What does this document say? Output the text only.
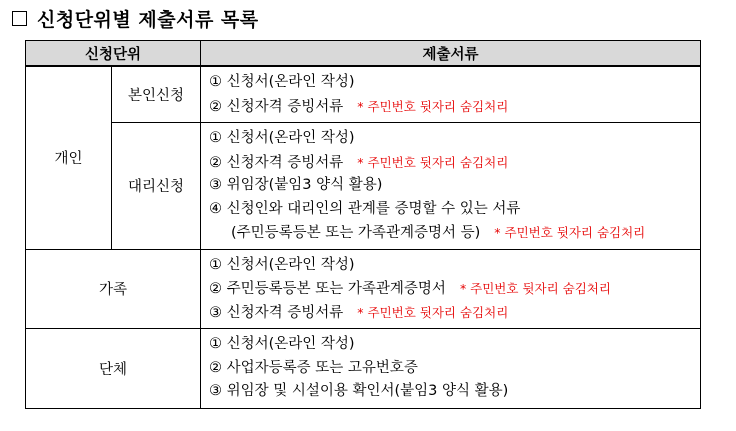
신청단위별 제출서류 목록
신청단위		제출서류
개인	본인신청	① 신청서(온라인 작성)
② 신청자격 증빙서류 * 주민번호 뒷자리 숨김처리

	대리신청	① 신청서(온라인 작성)
② 신청자격 증빙서류 * 주민번호 뒷자리 숨김처리
③ 위임장(붙임3 양식 활용)
④ 신청인와 대리인의 관계를 증명할 수 있는 서류
(주민등록등본 또는 가족관계증명서 등) * 주민번호 뒷자리 숨김처리

가족		① 신청서(온라인 작성)
② 주민등록등본 또는 가족관계증명서 * 주민번호 뒷자리 숨김처리
③ 신청자격 증빙서류 * 주민번호 뒷자리 숨김처리

단체		① 신청서(온라인 작성)
② 사업자등록증 또는 고유번호증
③ 위임장 및 시설이용 확인서(붙임3 양식 활용)
